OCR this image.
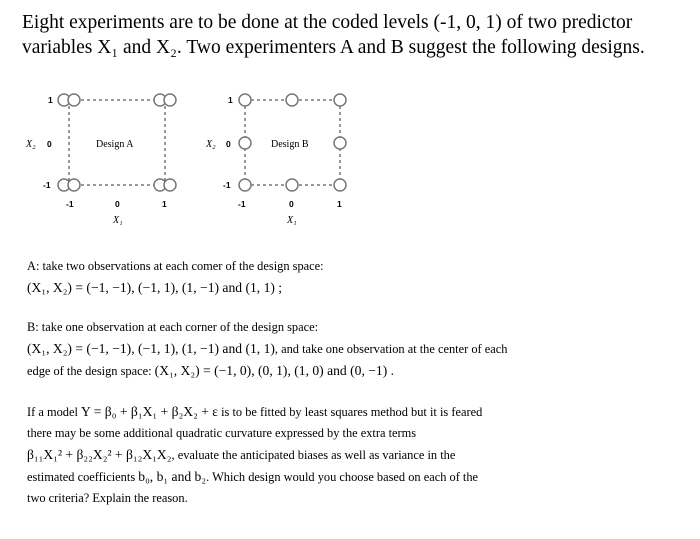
Eight experiments are to be done at the coded levels (-1, 0, 1) of two predictor
variables X₁ and X₂. Two experimenters A and B suggest the following designs.
Design A
X₂
1
0
-1
-1	0	1
X₁
Design B
X₂
1
0
-1
-1	0	1
X₁
A: take two observations at each comer of the design space:
(X₁, X₂) = (−1, −1), (−1, 1), (1, −1) and (1, 1) ;
B: take one observation at each corner of the design space:
(X₁, X₂) = (−1, −1), (−1, 1), (1, −1) and (1, 1), and take one observation at the center of each
edge of the design space: (X₁, X₂) = (−1, 0), (0, 1), (1, 0) and (0, −1) .
If a model Y = β₀ + β₁X₁ + β₂X₂ + ε is to be fitted by least squares method but it is feared
there may be some additional quadratic curvature expressed by the extra terms
β₁₁X₁² + β₂₂X₂² + β₁₂X₁X₂, evaluate the anticipated biases as well as variance in the
estimated coefficients b₀, b₁ and b₂. Which design would you choose based on each of the
two criteria? Explain the reason.
